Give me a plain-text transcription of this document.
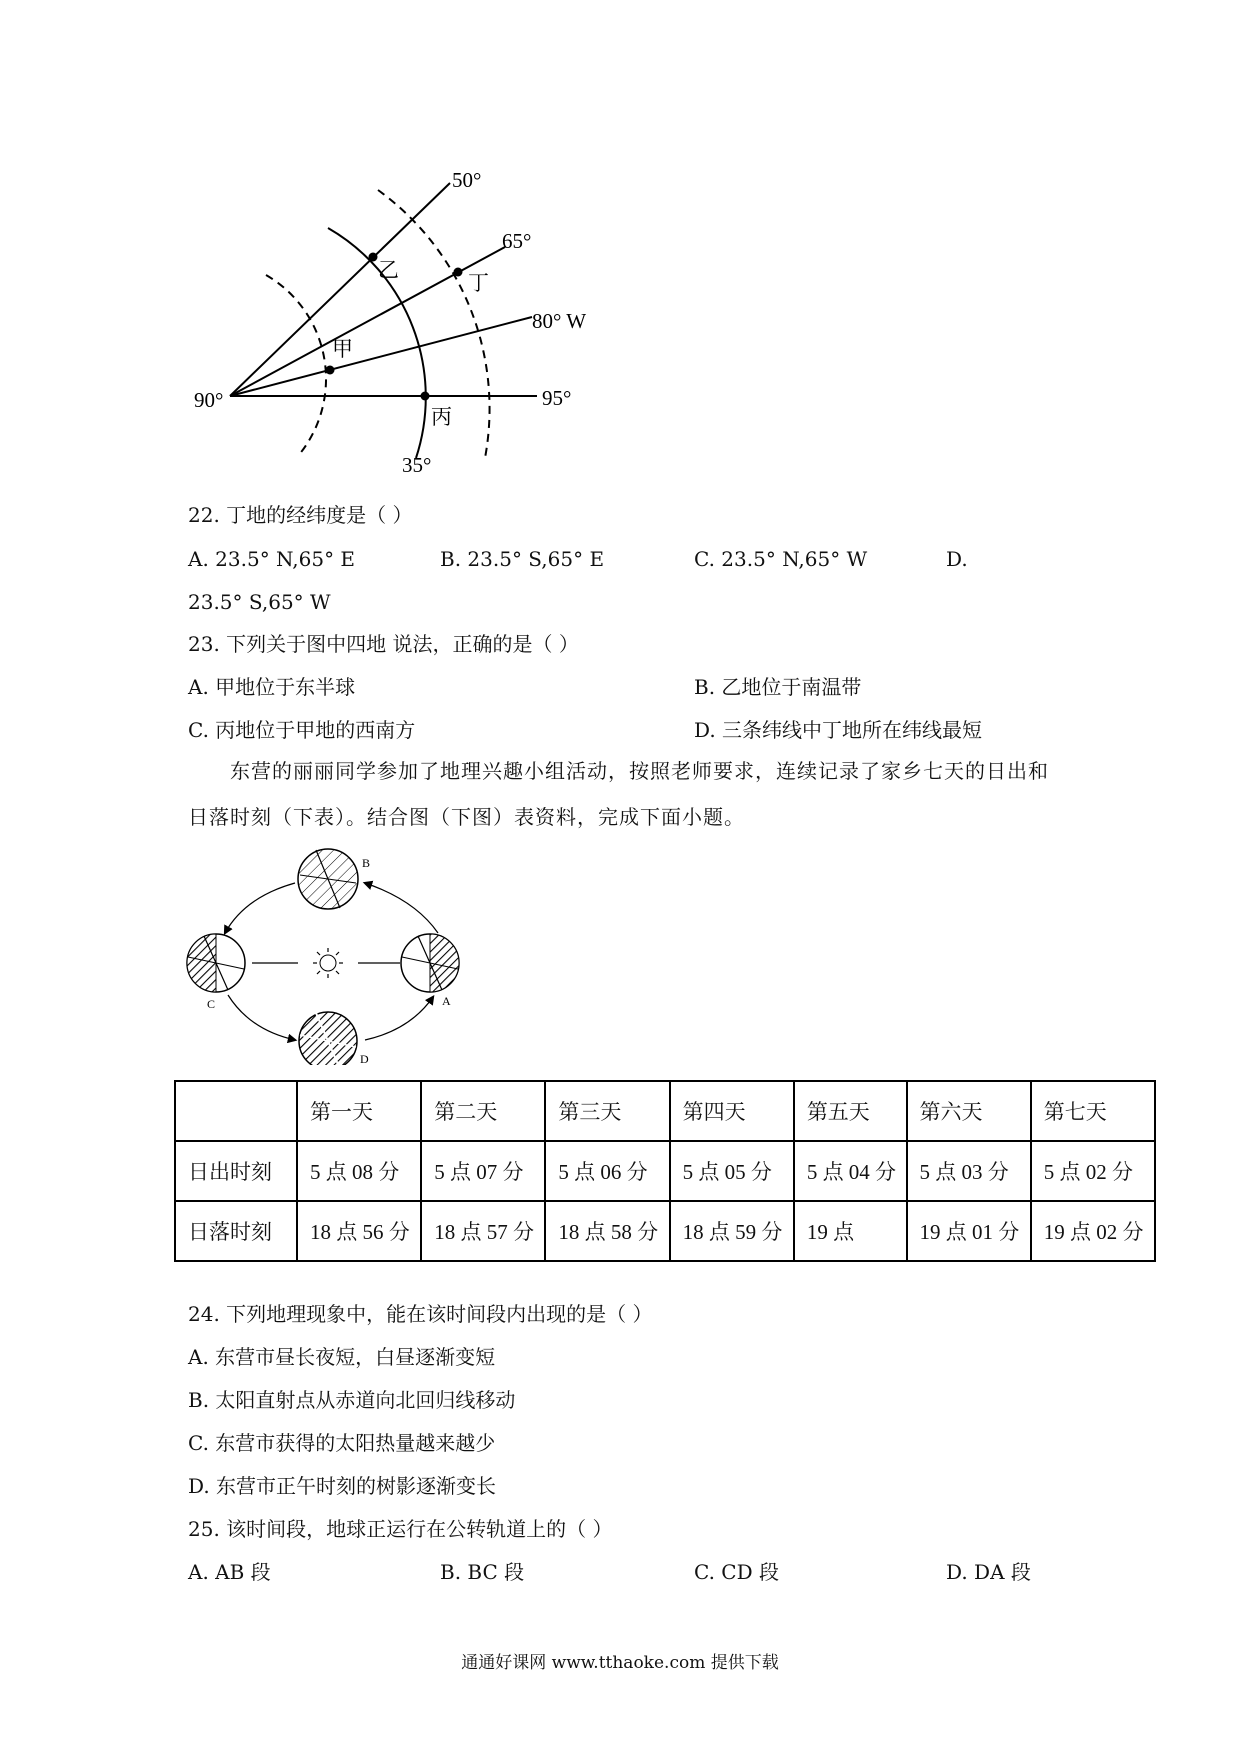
50°
65°
80° W
95°
90°
35°
乙
丁
甲
丙
22. 丁地的经纬度是（ ）
A. 23.5° N,65° E	B. 23.5° S,65° E	C. 23.5° N,65° W	D.
23.5° S,65° W
23. 下列关于图中四地 说法，正确的是（ ）
A. 甲地位于东半球	B. 乙地位于南温带
C. 丙地位于甲地的西南方	D. 三条纬线中丁地所在纬线最短
东营的丽丽同学参加了地理兴趣小组活动，按照老师要求，连续记录了家乡七天的日出和日落时刻（下表）。结合图（下图）表资料，完成下面小题。
B
C	A
D
	第一天	第二天	第三天	第四天	第五天	第六天	第七天
日出时刻	5 点 08 分	5 点 07 分	5 点 06 分	5 点 05 分	5 点 04 分	5 点 03 分	5 点 02 分
日落时刻	18 点 56 分	18 点 57 分	18 点 58 分	18 点 59 分	19 点	19 点 01 分	19 点 02 分
24. 下列地理现象中，能在该时间段内出现的是（ ）
A. 东营市昼长夜短，白昼逐渐变短
B. 太阳直射点从赤道向北回归线移动
C. 东营市获得的太阳热量越来越少
D. 东营市正午时刻的树影逐渐变长
25. 该时间段，地球正运行在公转轨道上的（ ）
A. AB 段	B. BC 段	C. CD 段	D. DA 段
通通好课网 www.tthaoke.com 提供下载
